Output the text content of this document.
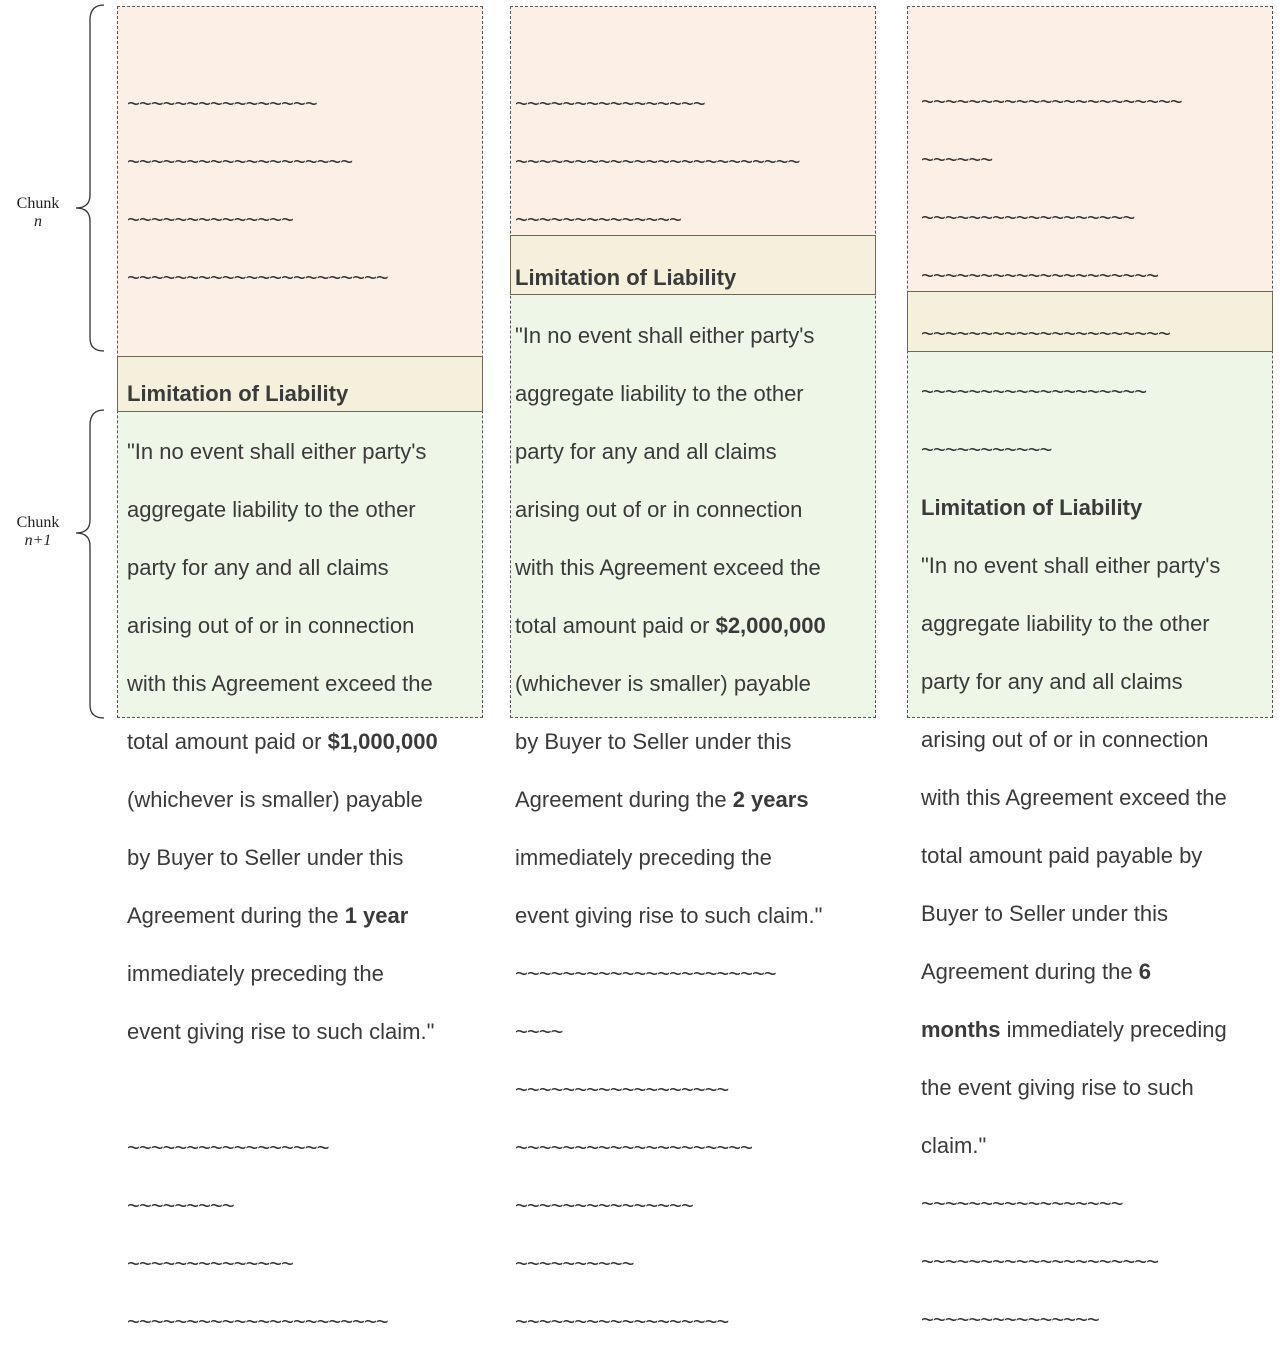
Chunk
n
Chunk
n+1

~~~~~~~~~~~~~~~~

~~~~~~~~~~~~~~~~~~~

~~~~~~~~~~~~~~

~~~~~~~~~~~~~~~~~~~~~~

Limitation of Liability

"In no event shall either party's

aggregate liability to the other

party for any and all claims

arising out of or in connection

with this Agreement exceed the

total amount paid or $1,000,000

(whichever is smaller) payable

by Buyer to Seller under this

Agreement during the 1 year

immediately preceding the

event giving rise to such claim."

~~~~~~~~~~~~~~~~~

~~~~~~~~~

~~~~~~~~~~~~~~

~~~~~~~~~~~~~~~~~~~~~~

~~~~~~~~~~~~~~~~

~~~~~~~~~~~~~~~~~~~~~~~~

~~~~~~~~~~~~~~

Limitation of Liability

"In no event shall either party's

aggregate liability to the other

party for any and all claims

arising out of or in connection

with this Agreement exceed the

total amount paid or $2,000,000

(whichever is smaller) payable

by Buyer to Seller under this

Agreement during the 2 years

immediately preceding the

event giving rise to such claim."

~~~~~~~~~~~~~~~~~~~~~~

~~~~

~~~~~~~~~~~~~~~~~~

~~~~~~~~~~~~~~~~~~~~

~~~~~~~~~~~~~~~

~~~~~~~~~~

~~~~~~~~~~~~~~~~~~

~~~~~~~~~~~~~~~~~~~~~~

~~~~~~

~~~~~~~~~~~~~~~~~~

~~~~~~~~~~~~~~~~~~~~

~~~~~~~~~~~~~~~~~~~~~

~~~~~~~~~~~~~~~~~~~

~~~~~~~~~~~

Limitation of Liability

"In no event shall either party's

aggregate liability to the other

party for any and all claims

arising out of or in connection

with this Agreement exceed the

total amount paid payable by

Buyer to Seller under this

Agreement during the 6

months immediately preceding

the event giving rise to such

claim."

~~~~~~~~~~~~~~~~~

~~~~~~~~~~~~~~~~~~~~

~~~~~~~~~~~~~~~
